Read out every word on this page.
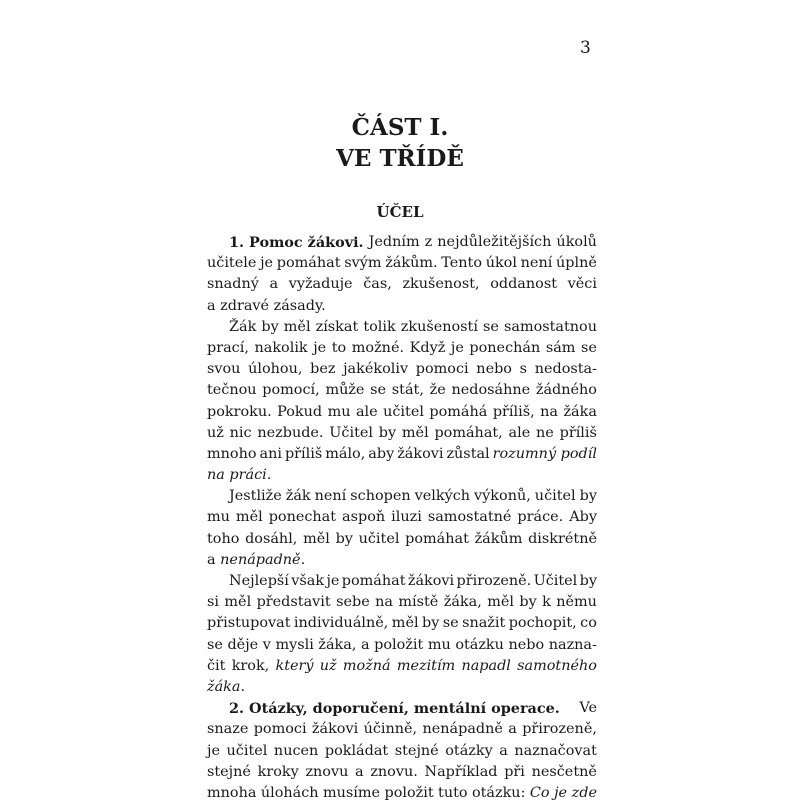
3
ČÁST I.
VE TŘÍDĚ
ÚČEL
1. Pomoc žákovi. Jedním z nejdůležitějších úkolů
učitele je pomáhat svým žákům. Tento úkol není úplně
snadný a vyžaduje čas, zkušenost, oddanost věci
a zdravé zásady.
Žák by měl získat tolik zkušeností se samostatnou
prací, nakolik je to možné. Když je ponechán sám se
svou úlohou, bez jakékoliv pomoci nebo s nedosta-
tečnou pomocí, může se stát, že nedosáhne žádného
pokroku. Pokud mu ale učitel pomáhá příliš, na žáka
už nic nezbude. Učitel by měl pomáhat, ale ne příliš
mnoho ani příliš málo, aby žákovi zůstal rozumný podíl
na práci.
Jestliže žák není schopen velkých výkonů, učitel by
mu měl ponechat aspoň iluzi samostatné práce. Aby
toho dosáhl, měl by učitel pomáhat žákům diskrétně
a nenápadně.
Nejlepší však je pomáhat žákovi přirozeně. Učitel by
si měl představit sebe na místě žáka, měl by k němu
přistupovat individuálně, měl by se snažit pochopit, co
se děje v mysli žáka, a položit mu otázku nebo nazna-
čit krok, který už možná mezitím napadl samotného
žáka.
2. Otázky, doporučení, mentální operace. Ve
snaze pomoci žákovi účinně, nenápadně a přirozeně,
je učitel nucen pokládat stejné otázky a naznačovat
stejné kroky znovu a znovu. Například při nesčetně
mnoha úlohách musíme položit tuto otázku: Co je zde
